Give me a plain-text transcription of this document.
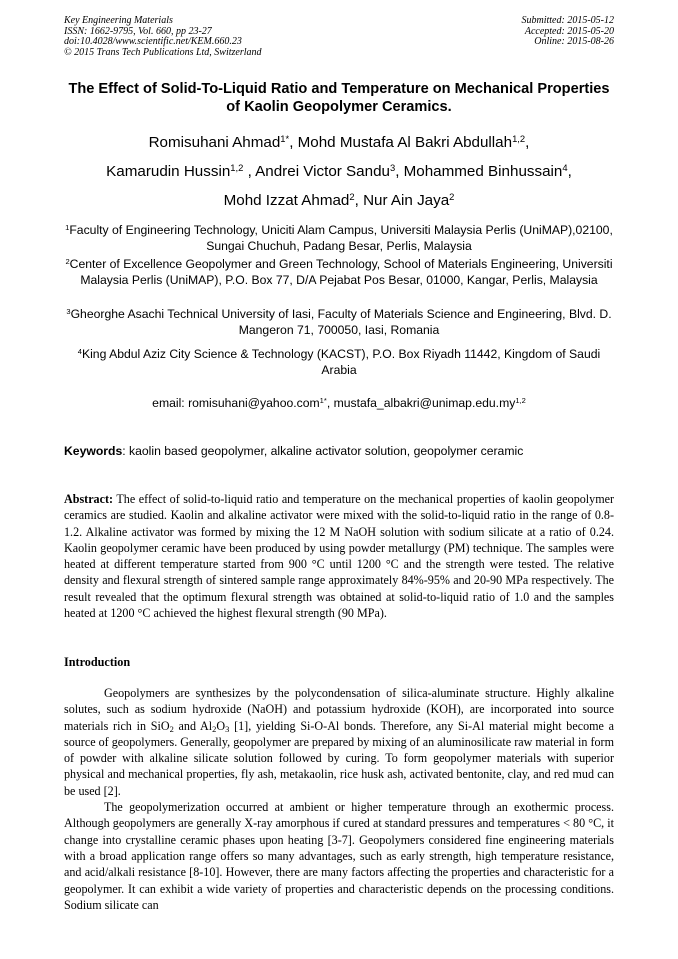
Key Engineering Materials
ISSN: 1662-9795, Vol. 660, pp 23-27
doi:10.4028/www.scientific.net/KEM.660.23
© 2015 Trans Tech Publications Ltd, Switzerland
Submitted: 2015-05-12
Accepted: 2015-05-20
Online: 2015-08-26
The Effect of Solid-To-Liquid Ratio and Temperature on Mechanical Properties of Kaolin Geopolymer Ceramics.
Romisuhani Ahmad$^{1*}$, Mohd Mustafa Al Bakri Abdullah$^{1,2}$,
Kamarudin Hussin$^{1,2}$ , Andrei Victor Sandu$^3$, Mohammed Binhussain$^4$,
Mohd Izzat Ahmad$^2$, Nur Ain Jaya$^2$
$^1$Faculty of Engineering Technology, Uniciti Alam Campus, Universiti Malaysia Perlis (UniMAP),02100, Sungai Chuchuh, Padang Besar, Perlis, Malaysia
$^2$Center of Excellence Geopolymer and Green Technology, School of Materials Engineering, Universiti Malaysia Perlis (UniMAP), P.O. Box 77, D/A Pejabat Pos Besar, 01000, Kangar, Perlis, Malaysia
$^3$Gheorghe Asachi Technical University of Iasi, Faculty of Materials Science and Engineering, Blvd. D. Mangeron 71, 700050, Iasi, Romania
$^4$King Abdul Aziz City Science & Technology (KACST), P.O. Box Riyadh 11442, Kingdom of Saudi Arabia
email: romisuhani@yahoo.com$^{1*}$, mustafa_albakri@unimap.edu.my$^{1,2}$
Keywords: kaolin based geopolymer, alkaline activator solution, geopolymer ceramic
Abstract: The effect of solid-to-liquid ratio and temperature on the mechanical properties of kaolin geopolymer ceramics are studied. Kaolin and alkaline activator were mixed with the solid-to-liquid ratio in the range of 0.8-1.2. Alkaline activator was formed by mixing the 12 M NaOH solution with sodium silicate at a ratio of 0.24. Kaolin geopolymer ceramic have been produced by using powder metallurgy (PM) technique. The samples were heated at different temperature started from 900 °C until 1200 °C and the strength were tested. The relative density and flexural strength of sintered sample range approximately 84%-95% and 20-90 MPa respectively. The result revealed that the optimum flexural strength was obtained at solid-to-liquid ratio of 1.0 and the samples heated at 1200 °C achieved the highest flexural strength (90 MPa).
Introduction

Geopolymers are synthesizes by the polycondensation of silica-aluminate structure. Highly alkaline solutes, such as sodium hydroxide (NaOH) and potassium hydroxide (KOH), are incorporated into source materials rich in SiO$_2$ and $Al_2O_3$ [1], yielding Si-O-Al bonds. Therefore, any Si-Al material might become a source of geopolymers. Generally, geopolymer are prepared by mixing of an aluminosilicate raw material in form of powder with alkaline silicate solution followed by curing. To form geopolymer materials with superior physical and mechanical properties, fly ash, metakaolin, rice husk ash, activated bentonite, clay, and red mud can be used [2].

The geopolymerization occurred at ambient or higher temperature through an exothermic process. Although geopolymers are generally X-ray amorphous if cured at standard pressures and temperatures < 80 °C, it change into crystalline ceramic phases upon heating [3-7]. Geopolymers considered fine engineering materials with a broad application range offers so many advantages, such as early strength, high temperature resistance, and acid/alkali resistance [8-10]. However, there are many factors affecting the properties and characteristic for a geopolymer. It can exhibit a wide variety of properties and characteristic depends on the processing conditions. Sodium silicate can
